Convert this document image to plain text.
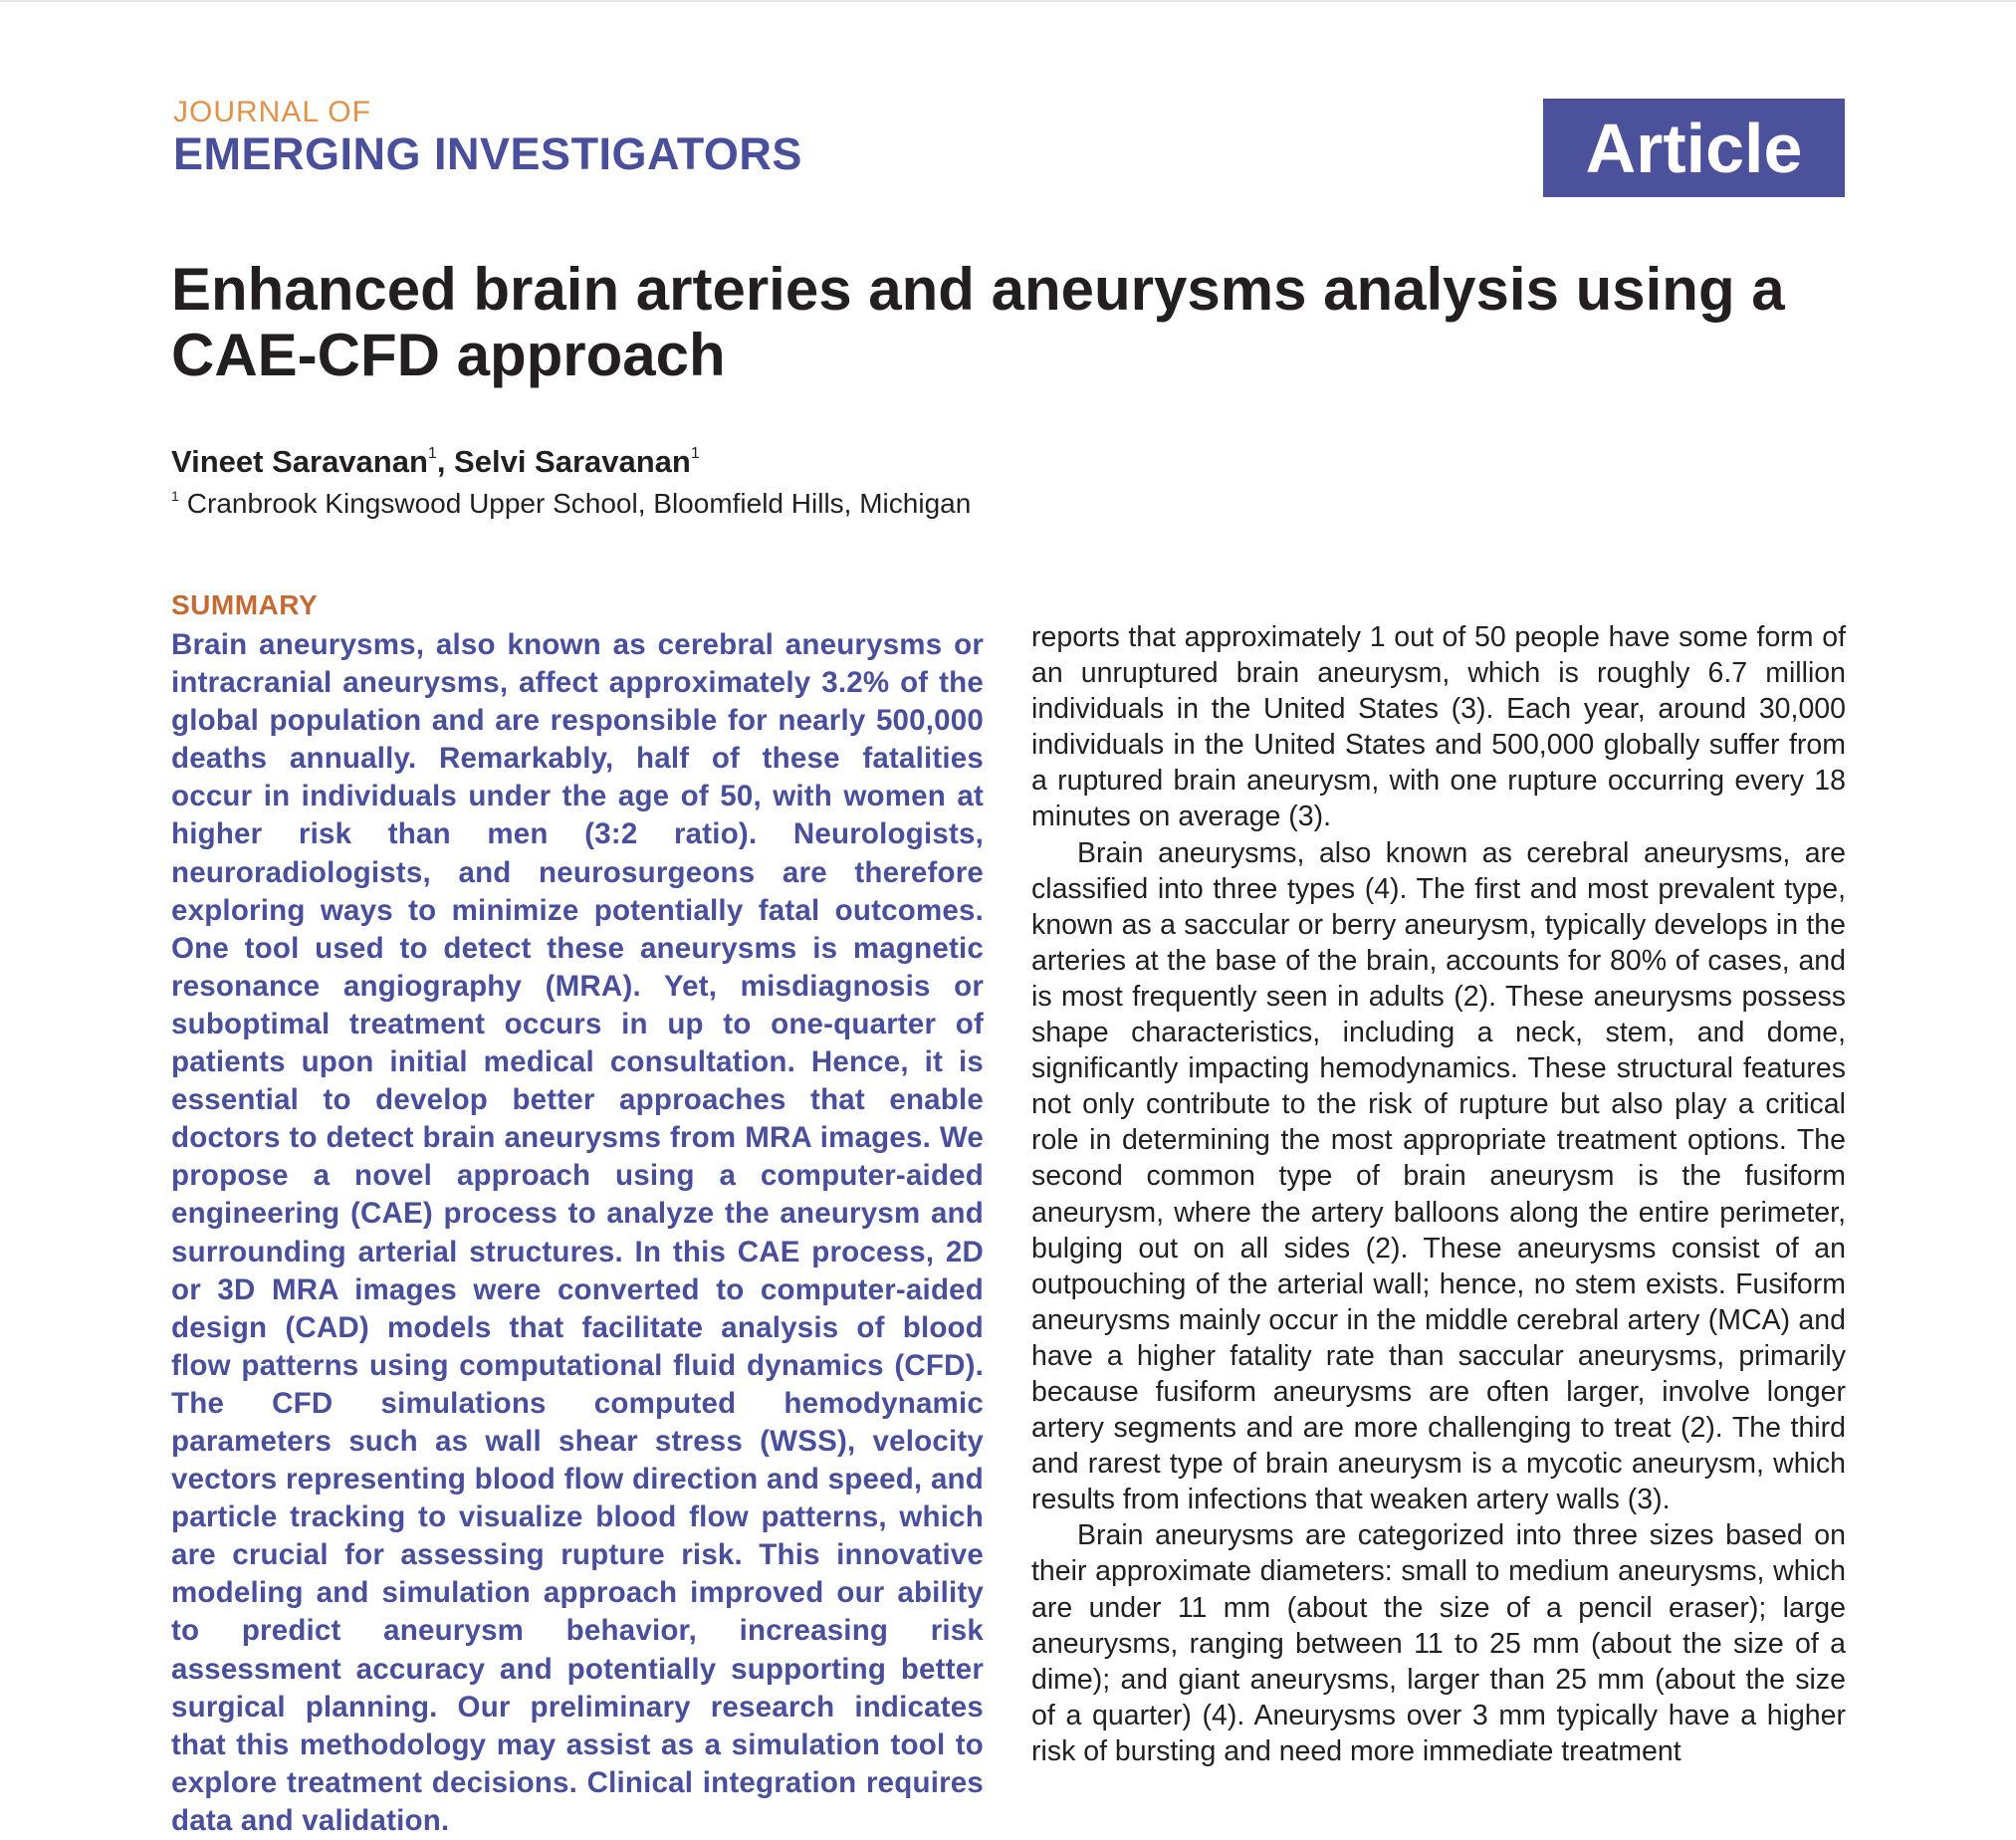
JOURNAL OF
EMERGING INVESTIGATORS	Article
Enhanced brain arteries and aneurysms analysis using a CAE-CFD approach
Vineet Saravanan$^1$, Selvi Saravanan$^1$
$^1$ Cranbrook Kingswood Upper School, Bloomfield Hills, Michigan
SUMMARY
Brain aneurysms, also known as cerebral aneurysms or intracranial aneurysms, affect approximately 3.2% of the global population and are responsible for nearly 500,000 deaths annually. Remarkably, half of these fatalities occur in individuals under the age of 50, with women at higher risk than men (3:2 ratio). Neurologists, neuroradiologists, and neurosurgeons are therefore exploring ways to minimize potentially fatal outcomes. One tool used to detect these aneurysms is magnetic resonance angiography (MRA). Yet, misdiagnosis or suboptimal treatment occurs in up to one-quarter of patients upon initial medical consultation. Hence, it is essential to develop better approaches that enable doctors to detect brain aneurysms from MRA images. We propose a novel approach using a computer-aided engineering (CAE) process to analyze the aneurysm and surrounding arterial structures. In this CAE process, 2D or 3D MRA images were converted to computer-aided design (CAD) models that facilitate analysis of blood flow patterns using computational fluid dynamics (CFD). The CFD simulations computed hemodynamic parameters such as wall shear stress (WSS), velocity vectors representing blood flow direction and speed, and particle tracking to visualize blood flow patterns, which are crucial for assessing rupture risk. This innovative modeling and simulation approach improved our ability to predict aneurysm behavior, increasing risk assessment accuracy and potentially supporting better surgical planning. Our preliminary research indicates that this methodology may assist as a simulation tool to explore treatment decisions. Clinical integration requires data and validation.

reports that approximately 1 out of 50 people have some form of an unruptured brain aneurysm, which is roughly 6.7 million individuals in the United States (3). Each year, around 30,000 individuals in the United States and 500,000 globally suffer from a ruptured brain aneurysm, with one rupture occurring every 18 minutes on average (3).

Brain aneurysms, also known as cerebral aneurysms, are classified into three types (4). The first and most prevalent type, known as a saccular or berry aneurysm, typically develops in the arteries at the base of the brain, accounts for 80% of cases, and is most frequently seen in adults (2). These aneurysms possess shape characteristics, including a neck, stem, and dome, significantly impacting hemodynamics. These structural features not only contribute to the risk of rupture but also play a critical role in determining the most appropriate treatment options. The second common type of brain aneurysm is the fusiform aneurysm, where the artery balloons along the entire perimeter, bulging out on all sides (2). These aneurysms consist of an outpouching of the arterial wall; hence, no stem exists. Fusiform aneurysms mainly occur in the middle cerebral artery (MCA) and have a higher fatality rate than saccular aneurysms, primarily because fusiform aneurysms are often larger, involve longer artery segments and are more challenging to treat (2). The third and rarest type of brain aneurysm is a mycotic aneurysm, which results from infections that weaken artery walls (3).

Brain aneurysms are categorized into three sizes based on their approximate diameters: small to medium aneurysms, which are under 11 mm (about the size of a pencil eraser); large aneurysms, ranging between 11 to 25 mm (about the size of a dime); and giant aneurysms, larger than 25 mm (about the size of a quarter) (4). Aneurysms over 3 mm typically have a higher risk of bursting and need more immediate treatment
